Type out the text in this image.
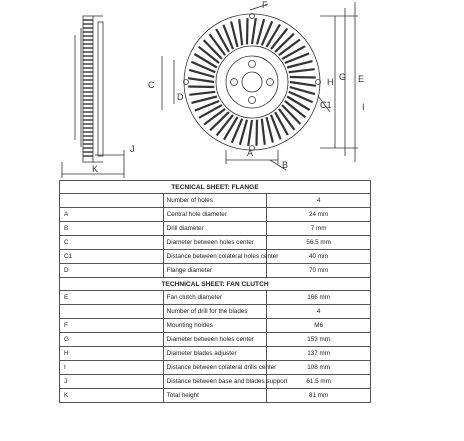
K
J
F
C
D
C1
H G E
I
A
B
TECNICAL SHEET: FLANGE		
	Number of holes	4
A	Central hole diameter	24 mm
B	Drill diameter	7 mm
C	Diameter between holes center	56.5 mm
C1	Distance between colateral holes center	40 mm
D	Flange diameter	70 mm
TECHNICAL SHEET: FAN CLUTCH		
E	Fan clutch diameter	166 mm
	Number of drill for the blades	4
F	Mounting holdes	M6
G	Diameter between holes center	153 mm
H	Diameter blades adjuster	137 mm
I	Distance between colateral drills center	108 mm
J	Distance between base and blades support	61.5 mm
K	Total height	81 mm
